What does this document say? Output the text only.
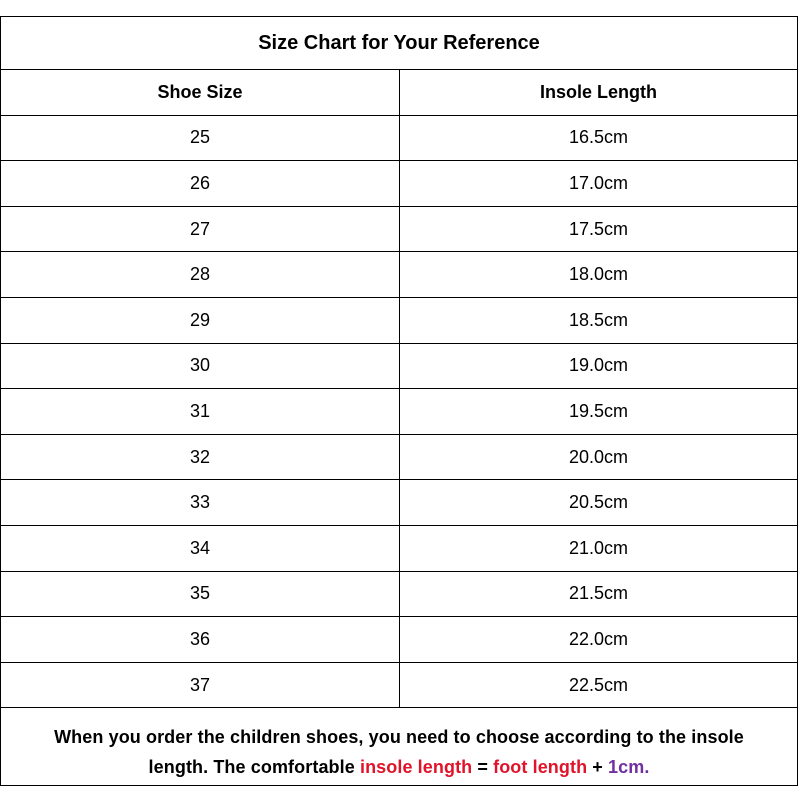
Size Chart for Your Reference
Shoe Size	Insole Length
25	16.5cm
26	17.0cm
27	17.5cm
28	18.0cm
29	18.5cm
30	19.0cm
31	19.5cm
32	20.0cm
33	20.5cm
34	21.0cm
35	21.5cm
36	22.0cm
37	22.5cm
When you order the children shoes, you need to choose according to the insole
length. The comfortable insole length = foot length + 1cm.
